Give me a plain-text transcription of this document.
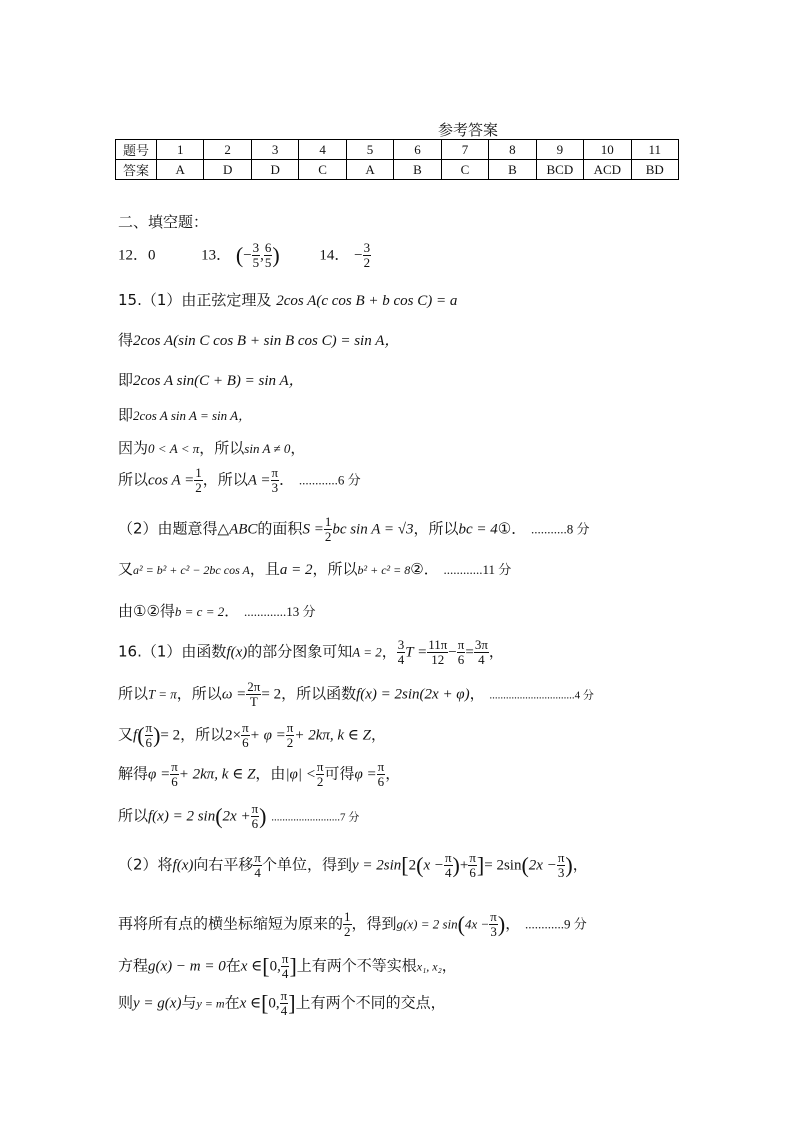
参考答案
题号	1	2	3	4	5	6	7	8	9	10	11
答案	A	D	D	C	A	B	C	B	BCD	ACD	BD
二、填空题：
12．0	13． (− $\frac{3}{5}$ , $\frac{6}{5}$ )	14． − $\frac{3}{2}$
15.（1）由正弦定理及 2cos A(c cos B + b cos C) = a
得2cos A(sin C cos B + sin B cos C) = sin A，
即2cos A sin(C + B) = sin A，
即2cos A sin A = sin A，
因为0 < A < π，所以sin A ≠ 0，
所以$\cos A = \frac{1}{2}$ ，所以$A = \frac{\pi}{3}$ ． ............6 分
（2）由题意得△ABC的面积$S = \frac{1}{2}$ bc sin A = √3，所以bc = 4①． ...........8 分
又a² = b² + c² − 2bc cos A，且a = 2，所以b² + c² = 8②． ............11 分
由①②得b = c = 2． .............13 分
16.（1）由函数f(x)的部分图象可知A = 2， $\frac{3}{4}$ $T = \frac{11\pi}{12} - \frac{\pi}{6} = \frac{3\pi}{4}$ ，
所以T = π，所以$\omega = \frac{2\pi}{T} = 2$，所以函数f(x) = 2sin(2x + φ)， ...............................4 分
又$f( \frac{\pi}{6}$ )= 2，所以$2\times \frac{\pi}{6} + \varphi = \frac{\pi}{2} + 2k\pi$, k ∈ Z，
解得$\varphi = \frac{\pi}{6} + 2k\pi$, k ∈ Z，由$|\varphi| < \frac{\pi}{2}$ 可得$\varphi = \frac{\pi}{6}$ ，
所以f(x) = 2 $\sin(2x + \frac{\pi}{6}$ ) .........................7 分
（2）将f(x)向右平移 $\frac{\pi}{4}$ 个单位，得到$y = 2\sin[2(x - \frac{\pi}{4}$ )+ $\frac{\pi}{6}$ ]= $2\sin(2x - \frac{\pi}{3}$ )，
再将所有点的横坐标缩短为原来的 $\frac{1}{2}$ ，得到g(x) = 2 $\sin(4x - \frac{\pi}{3}$ )， ............9 分
方程g(x) − m = 0在x ∈[0, $\frac{\pi}{4}$ ]上有两个不等实根x₁, x₂，
则y = g(x)与y = m在x ∈[0, $\frac{\pi}{4}$ ]上有两个不同的交点，
